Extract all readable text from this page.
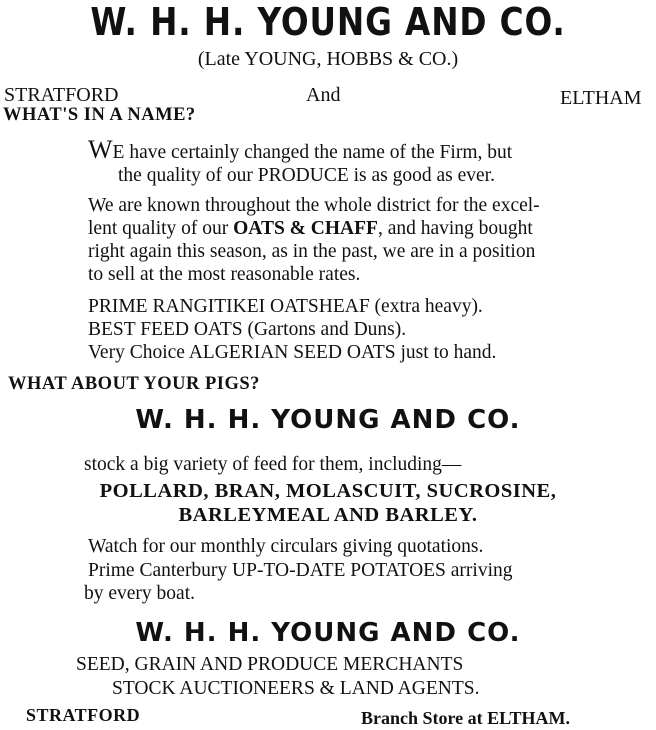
W. H. H. YOUNG AND CO.
(Late YOUNG, HOBBS & CO.)
STRATFORD	And	ELTHAM
WHAT'S IN A NAME?
WE have certainly changed the name of the Firm, but
the quality of our PRODUCE is as good as ever.
We are known throughout the whole district for the excel-
lent quality of our OATS & CHAFF, and having bought
right again this season, as in the past, we are in a position
to sell at the most reasonable rates.
PRIME RANGITIKEI OATSHEAF (extra heavy).
BEST FEED OATS (Gartons and Duns).
Very Choice ALGERIAN SEED OATS just to hand.
WHAT ABOUT YOUR PIGS?
W. H. H. YOUNG AND CO.
stock a big variety of feed for them, including—
POLLARD, BRAN, MOLASCUIT, SUCROSINE,
BARLEYMEAL AND BARLEY.
Watch for our monthly circulars giving quotations.
Prime Canterbury UP-TO-DATE POTATOES arriving
by every boat.
W. H. H. YOUNG AND CO.
SEED, GRAIN AND PRODUCE MERCHANTS
STOCK AUCTIONEERS & LAND AGENTS.
STRATFORD	Branch Store at ELTHAM.
